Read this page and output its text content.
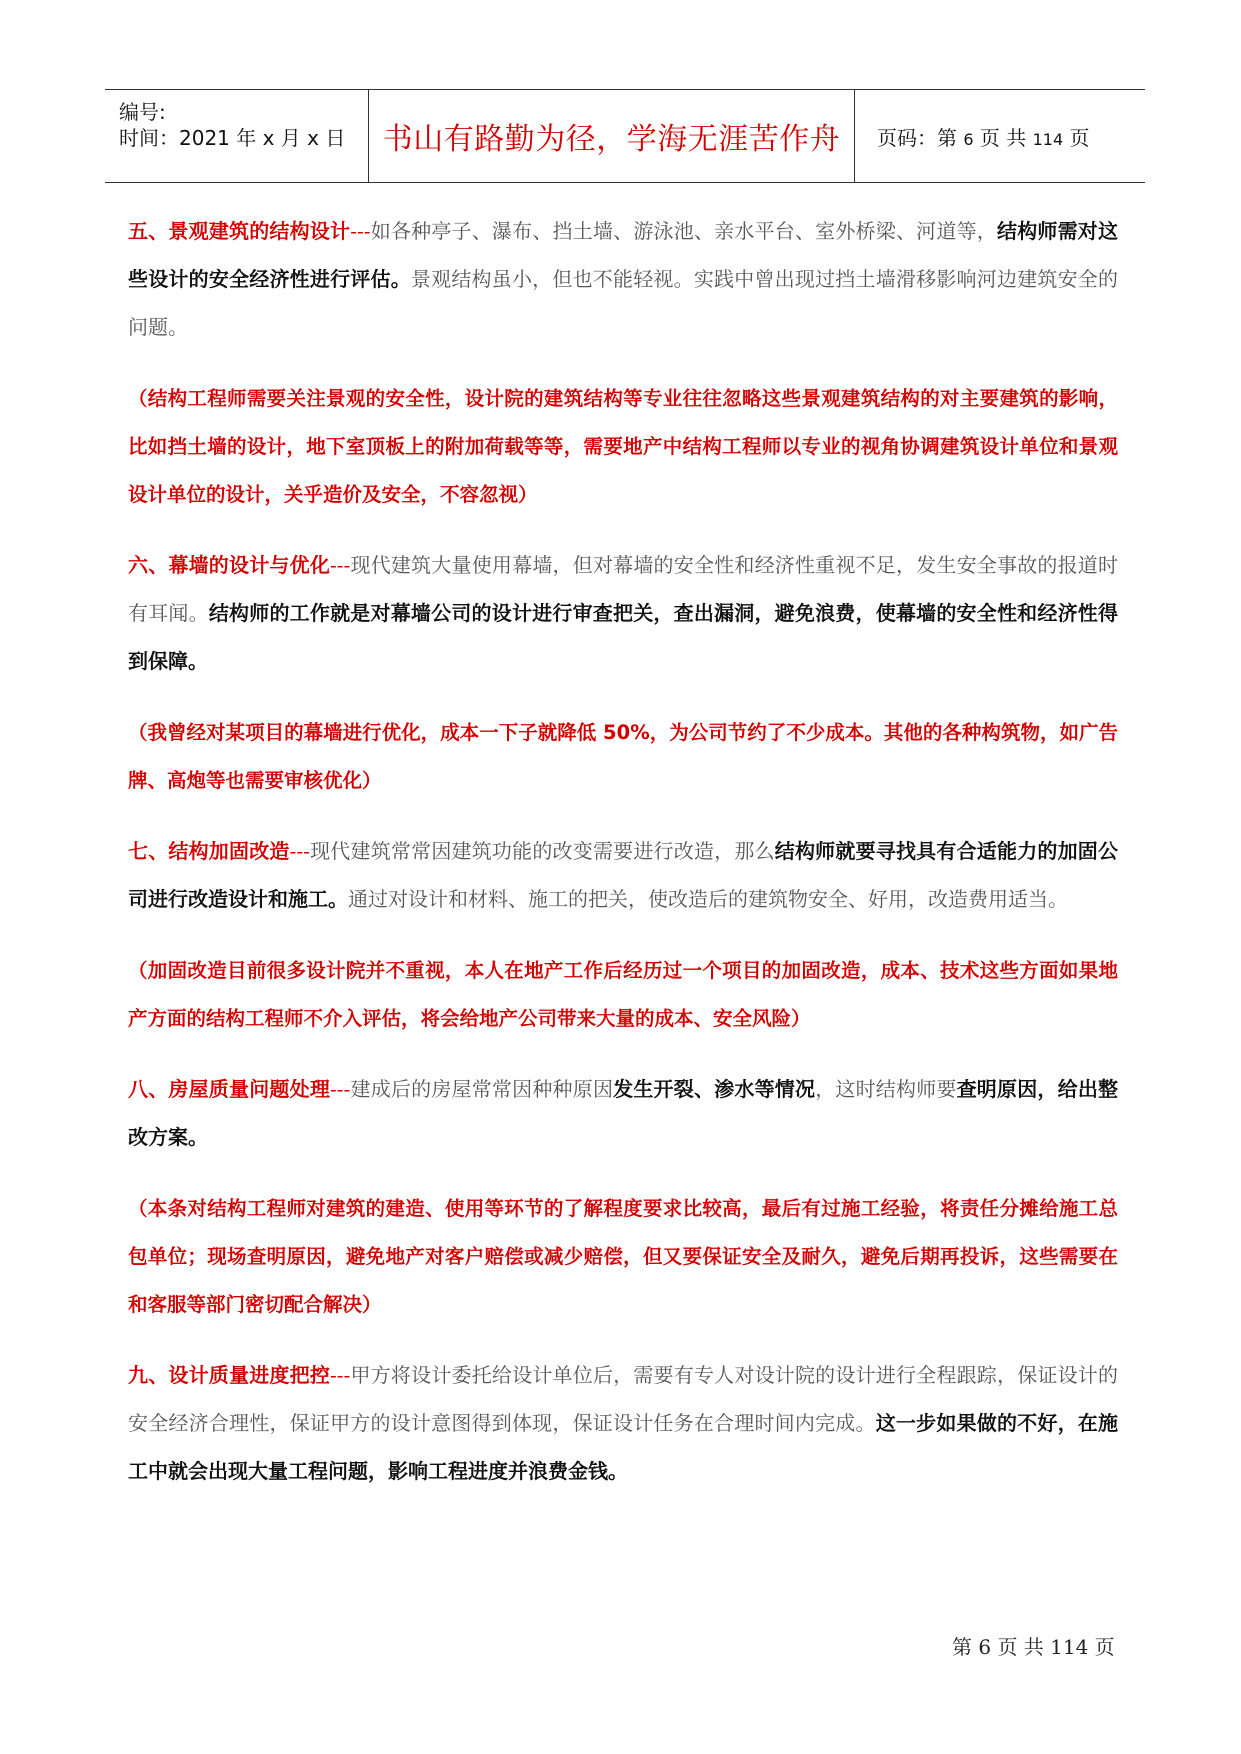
编号:
时间：2021 年 x 月 x 日 书山有路勤为径，学海无涯苦作舟 页码：第 6 页 共 114 页

五、景观建筑的结构设计---如各种亭子、瀑布、挡土墙、游泳池、亲水平台、室外桥梁、河道等，结构师需对这些设计的安全经济性进行评估。景观结构虽小，但也不能轻视。实践中曾出现过挡土墙滑移影响河边建筑安全的问题。

（结构工程师需要关注景观的安全性，设计院的建筑结构等专业往往忽略这些景观建筑结构的对主要建筑的影响，比如挡土墙的设计，地下室顶板上的附加荷载等等，需要地产中结构工程师以专业的视角协调建筑设计单位和景观设计单位的设计，关乎造价及安全，不容忽视）

六、幕墙的设计与优化---现代建筑大量使用幕墙，但对幕墙的安全性和经济性重视不足，发生安全事故的报道时有耳闻。结构师的工作就是对幕墙公司的设计进行审查把关，查出漏洞，避免浪费，使幕墙的安全性和经济性得到保障。

（我曾经对某项目的幕墙进行优化，成本一下子就降低 50%，为公司节约了不少成本。其他的各种构筑物，如广告牌、高炮等也需要审核优化）

七、结构加固改造---现代建筑常常因建筑功能的改变需要进行改造，那么结构师就要寻找具有合适能力的加固公司进行改造设计和施工。通过对设计和材料、施工的把关，使改造后的建筑物安全、好用，改造费用适当。

（加固改造目前很多设计院并不重视，本人在地产工作后经历过一个项目的加固改造，成本、技术这些方面如果地产方面的结构工程师不介入评估，将会给地产公司带来大量的成本、安全风险）

八、房屋质量问题处理---建成后的房屋常常因种种原因发生开裂、渗水等情况，这时结构师要查明原因，给出整改方案。

（本条对结构工程师对建筑的建造、使用等环节的了解程度要求比较高，最后有过施工经验，将责任分摊给施工总包单位；现场查明原因，避免地产对客户赔偿或减少赔偿，但又要保证安全及耐久，避免后期再投诉，这些需要在和客服等部门密切配合解决）

九、设计质量进度把控---甲方将设计委托给设计单位后，需要有专人对设计院的设计进行全程跟踪，保证设计的安全经济合理性，保证甲方的设计意图得到体现，保证设计任务在合理时间内完成。这一步如果做的不好，在施工中就会出现大量工程问题，影响工程进度并浪费金钱。

第 6 页 共 114 页
